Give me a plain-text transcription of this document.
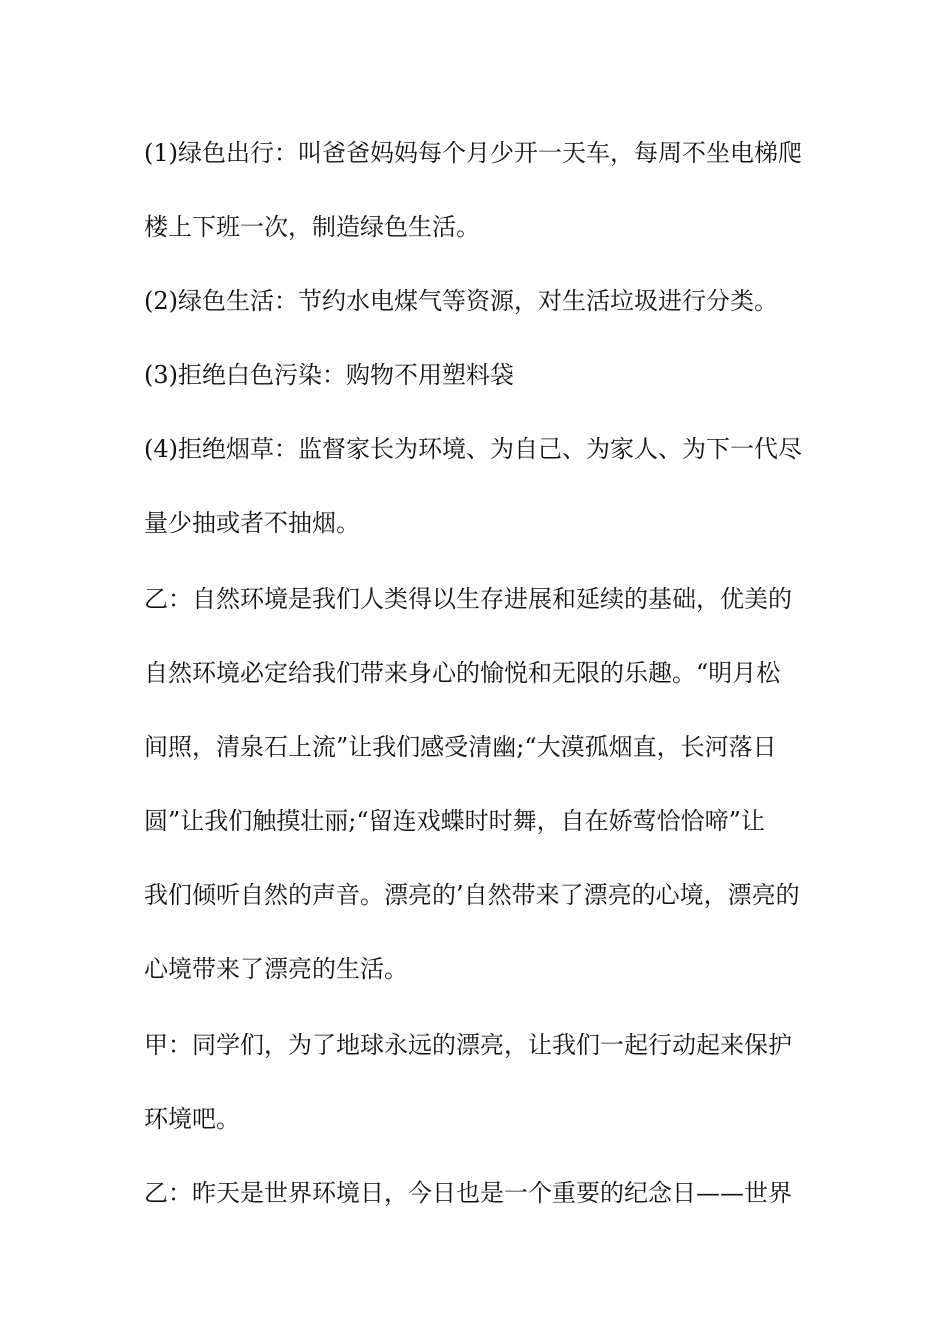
(1)绿色出行：叫爸爸妈妈每个月少开一天车，每周不坐电梯爬
楼上下班一次，制造绿色生活。
(2)绿色生活：节约水电煤气等资源，对生活垃圾进行分类。
(3)拒绝白色污染：购物不用塑料袋
(4)拒绝烟草：监督家长为环境、为自己、为家人、为下一代尽
量少抽或者不抽烟。
乙：自然环境是我们人类得以生存进展和延续的基础，优美的
自然环境必定给我们带来身心的愉悦和无限的乐趣。“明月松
间照，清泉石上流”让我们感受清幽;“大漠孤烟直，长河落日
圆”让我们触摸壮丽;“留连戏蝶时时舞，自在娇莺恰恰啼”让
我们倾听自然的声音。漂亮的’自然带来了漂亮的心境，漂亮的
心境带来了漂亮的生活。
甲：同学们，为了地球永远的漂亮，让我们一起行动起来保护
环境吧。
乙：昨天是世界环境日，今日也是一个重要的纪念日——世界
